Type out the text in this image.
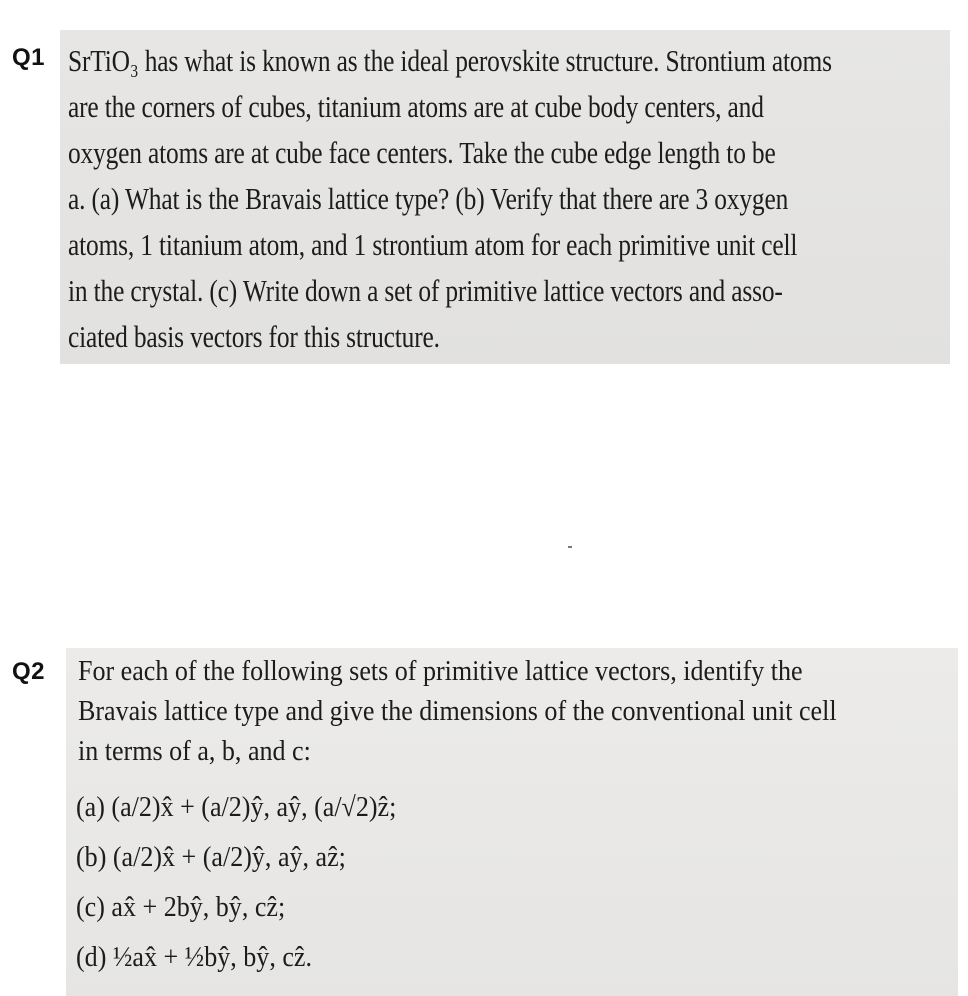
Q1 SrTiO₃ has what is known as the ideal perovskite structure. Strontium atoms
are the corners of cubes, titanium atoms are at cube body centers, and
oxygen atoms are at cube face centers. Take the cube edge length to be
a. (a) What is the Bravais lattice type? (b) Verify that there are 3 oxygen
atoms, 1 titanium atom, and 1 strontium atom for each primitive unit cell
in the crystal. (c) Write down a set of primitive lattice vectors and asso-
ciated basis vectors for this structure.
Q2 For each of the following sets of primitive lattice vectors, identify the
Bravais lattice type and give the dimensions of the conventional unit cell
in terms of a, b, and c:
(a) (a/2)x̂ + (a/2)ŷ, aŷ, (a/√2)ẑ;
(b) (a/2)x̂ + (a/2)ŷ, aŷ, aẑ;
(c) ax̂ + 2bŷ, bŷ, cẑ;
(d) ½ax̂ + ½bŷ, bŷ, cẑ.
